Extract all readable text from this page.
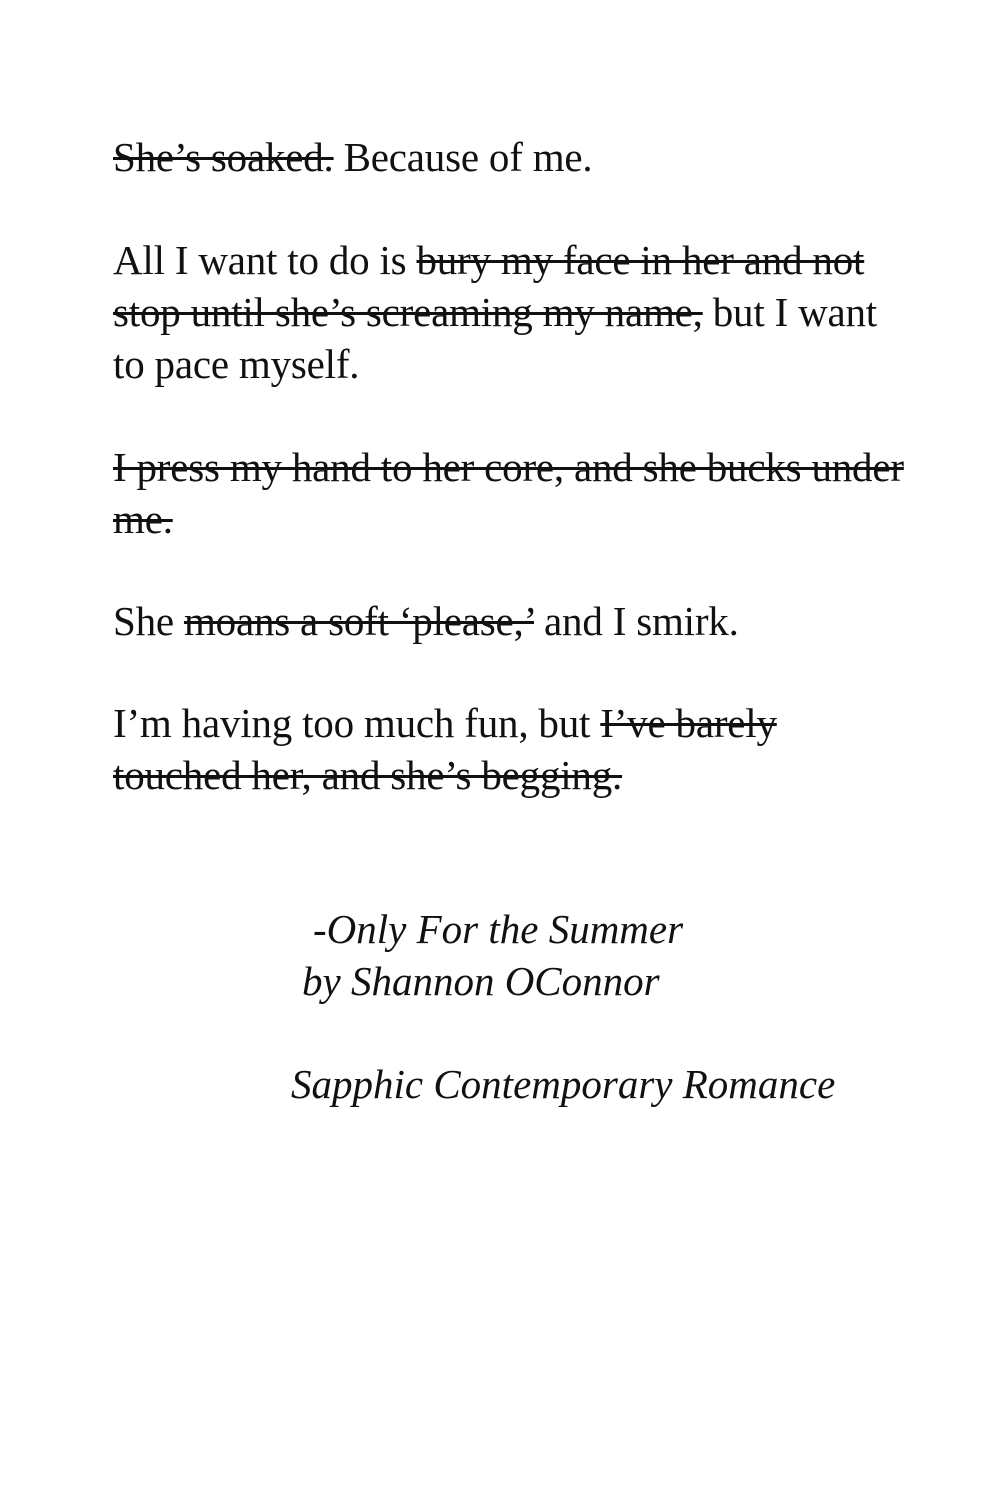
She’s soaked. Because of me.

All I want to do is bury my face in her and not stop until she’s screaming my name, but I want to pace myself.

I press my hand to her core, and she bucks under me.

She moans a soft ‘please,’ and I smirk.

I’m having too much fun, but I’ve barely touched her, and she’s begging.

-Only For the Summer

by Shannon OConnor

Sapphic Contemporary Romance
